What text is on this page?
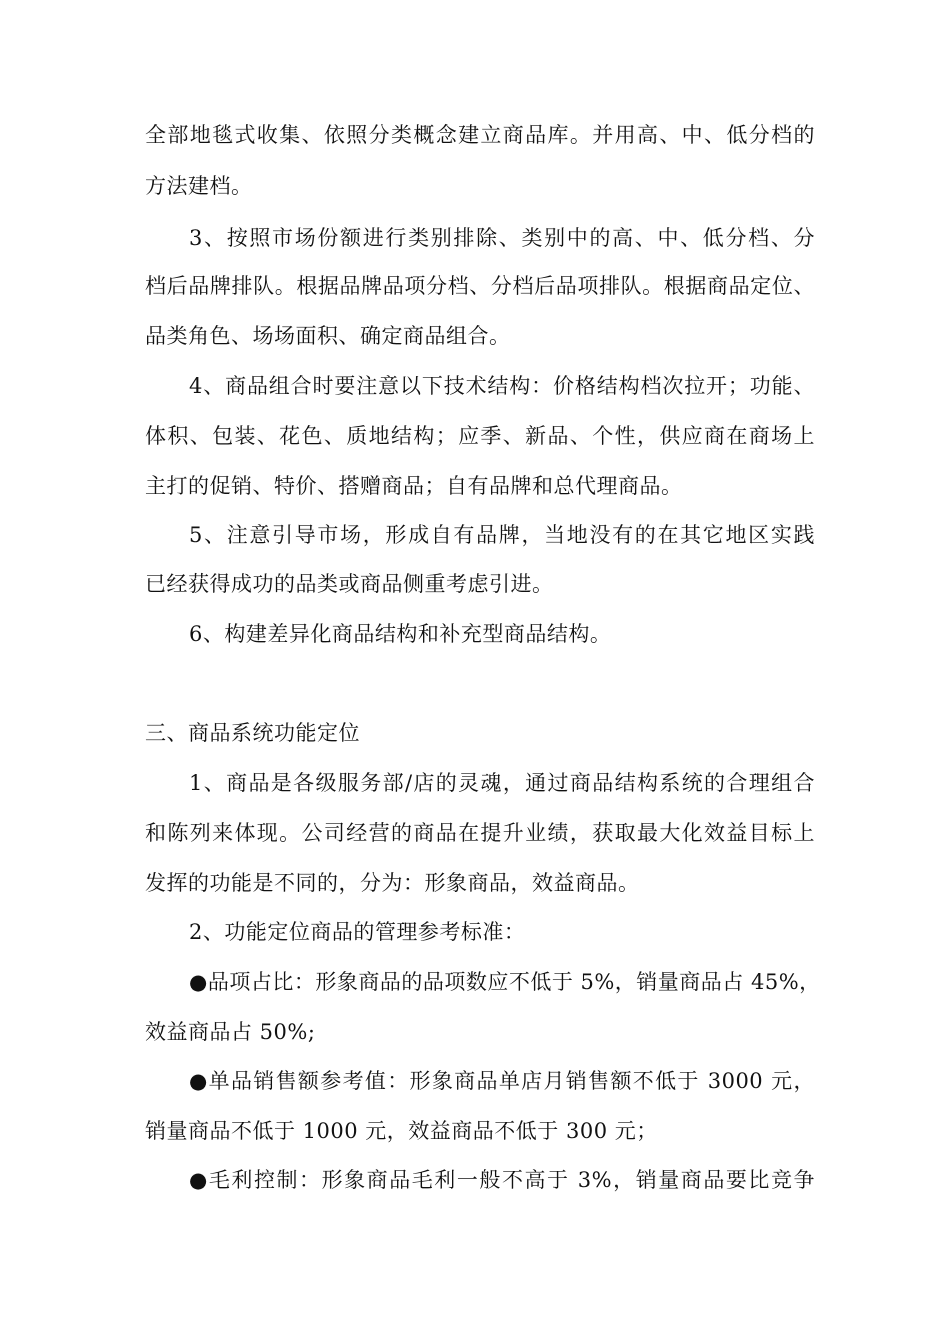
全部地毯式收集、依照分类概念建立商品库。并用高、中、低分档的
方法建档。
3、按照市场份额进行类别排除、类别中的高、中、低分档、分
档后品牌排队。根据品牌品项分档、分档后品项排队。根据商品定位、
品类角色、场场面积、确定商品组合。
4、商品组合时要注意以下技术结构：价格结构档次拉开；功能、
体积、包装、花色、质地结构；应季、新品、个性，供应商在商场上
主打的促销、特价、搭赠商品；自有品牌和总代理商品。
5、注意引导市场，形成自有品牌，当地没有的在其它地区实践
已经获得成功的品类或商品侧重考虑引进。
6、构建差异化商品结构和补充型商品结构。
三、商品系统功能定位
1、商品是各级服务部/店的灵魂，通过商品结构系统的合理组合
和陈列来体现。公司经营的商品在提升业绩，获取最大化效益目标上
发挥的功能是不同的，分为：形象商品，效益商品。
2、功能定位商品的管理参考标准：
●品项占比：形象商品的品项数应不低于 5%，销量商品占 45%，
效益商品占 50%;
●单品销售额参考值：形象商品单店月销售额不低于 3000 元，
销量商品不低于 1000 元，效益商品不低于 300 元；
●毛利控制：形象商品毛利一般不高于 3%，销量商品要比竞争
